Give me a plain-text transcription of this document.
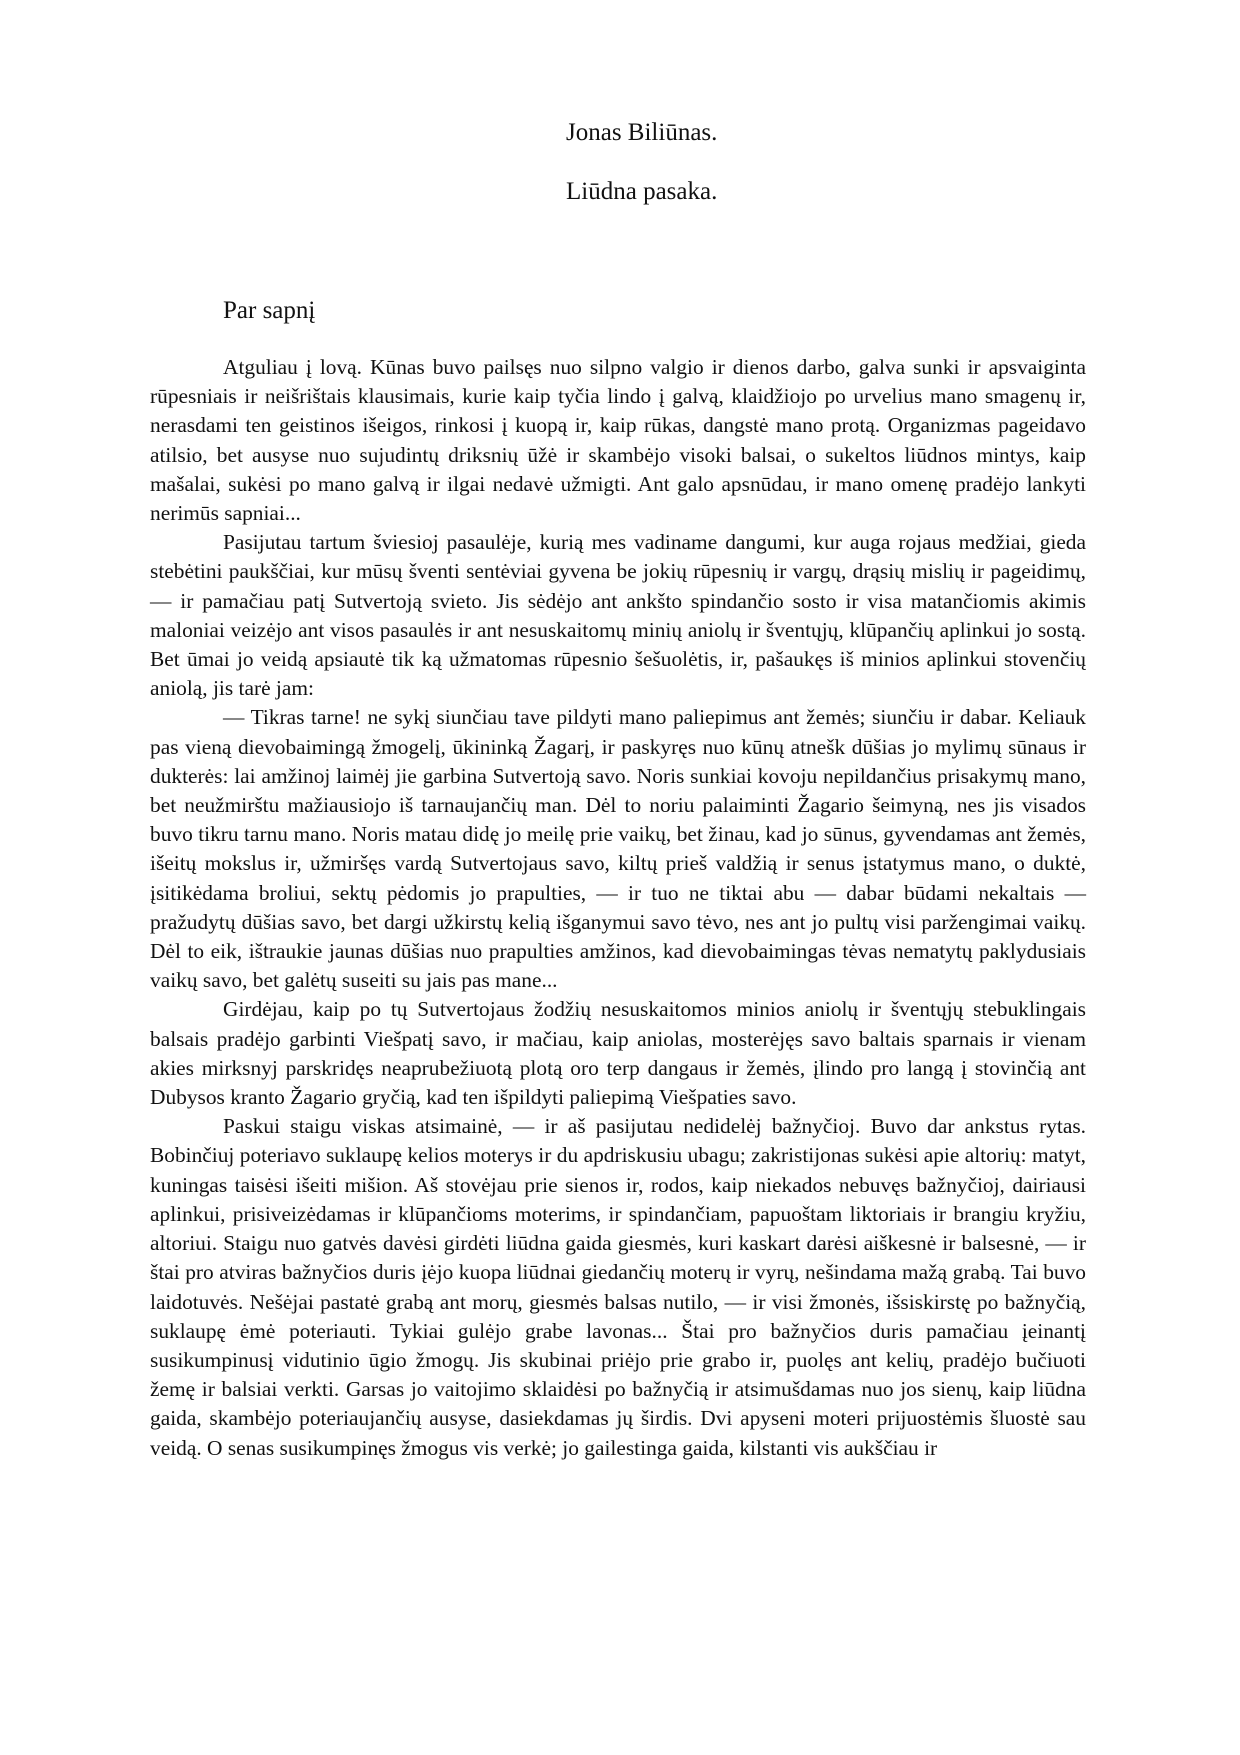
Jonas Biliūnas.
Liūdna pasaka.
Par sapnį

Atguliau į lovą. Kūnas buvo pailsęs nuo silpno valgio ir dienos darbo, galva sunki ir apsvaiginta rūpesniais ir neišrištais klausimais, kurie kaip tyčia lindo į galvą, klaidžiojo po urvelius mano smagenų ir, nerasdami ten geistinos išeigos, rinkosi į kuopą ir, kaip rūkas, dangstė mano protą. Organizmas pageidavo atilsio, bet ausyse nuo sujudintų driksnių ūžė ir skambėjo visoki balsai, o sukeltos liūdnos mintys, kaip mašalai, sukėsi po mano galvą ir ilgai nedavė užmigti. Ant galo apsnūdau, ir mano omenę pradėjo lankyti nerimūs sapniai...

Pasijutau tartum šviesioj pasaulėje, kurią mes vadiname dangumi, kur auga rojaus medžiai, gieda stebėtini paukščiai, kur mūsų šventi sentėviai gyvena be jokių rūpesnių ir vargų, drąsių mislių ir pageidimų, — ir pamačiau patį Sutvertoją svieto. Jis sėdėjo ant ankšto spindančio sosto ir visa matančiomis akimis maloniai veizėjo ant visos pasaulės ir ant nesuskaitomų minių aniolų ir šventųjų, klūpančių aplinkui jo sostą. Bet ūmai jo veidą apsiautė tik ką užmatomas rūpesnio šešuolėtis, ir, pašaukęs iš minios aplinkui stovenčių aniolą, jis tarė jam:

— Tikras tarne! ne sykį siunčiau tave pildyti mano paliepimus ant žemės; siunčiu ir dabar. Keliauk pas vieną dievobaimingą žmogelį, ūkininką Žagarį, ir paskyręs nuo kūnų atnešk dūšias jo mylimų sūnaus ir dukterės: lai amžinoj laimėj jie garbina Sutvertoją savo. Noris sunkiai kovoju nepildančius prisakymų mano, bet neužmirštu mažiausiojo iš tarnaujančių man. Dėl to noriu palaiminti Žagario šeimyną, nes jis visados buvo tikru tarnu mano. Noris matau didę jo meilę prie vaikų, bet žinau, kad jo sūnus, gyvendamas ant žemės, išeitų mokslus ir, užmiršęs vardą Sutvertojaus savo, kiltų prieš valdžią ir senus įstatymus mano, o duktė, įsitikėdama broliui, sektų pėdomis jo prapulties, — ir tuo ne tiktai abu — dabar būdami nekaltais — pražudytų dūšias savo, bet dargi užkirstų kelią išganymui savo tėvo, nes ant jo pultų visi paržengimai vaikų. Dėl to eik, ištraukie jaunas dūšias nuo prapulties amžinos, kad dievobaimingas tėvas nematytų paklydusiais vaikų savo, bet galėtų suseiti su jais pas mane...

Girdėjau, kaip po tų Sutvertojaus žodžių nesuskaitomos minios aniolų ir šventųjų stebuklingais balsais pradėjo garbinti Viešpatį savo, ir mačiau, kaip aniolas, mosterėjęs savo baltais sparnais ir vienam akies mirksnyj parskridęs neaprubežiuotą plotą oro terp dangaus ir žemės, įlindo pro langą į stovinčią ant Dubysos kranto Žagario gryčią, kad ten išpildyti paliepimą Viešpaties savo.

Paskui staigu viskas atsimainė, — ir aš pasijutau nedidelėj bažnyčioj. Buvo dar ankstus rytas. Bobinčiuj poteriavo suklaupę kelios moterys ir du apdriskusiu ubagu; zakristijonas sukėsi apie altorių: matyt, kuningas taisėsi išeiti mišion. Aš stovėjau prie sienos ir, rodos, kaip niekados nebuvęs bažnyčioj, dairiausi aplinkui, prisiveizėdamas ir klūpančioms moterims, ir spindančiam, papuoštam liktoriais ir brangiu kryžiu, altoriui. Staigu nuo gatvės davėsi girdėti liūdna gaida giesmės, kuri kaskart darėsi aiškesnė ir balsesnė, — ir štai pro atviras bažnyčios duris įėjo kuopa liūdnai giedančių moterų ir vyrų, nešindama mažą grabą. Tai buvo laidotuvės. Nešėjai pastatė grabą ant morų, giesmės balsas nutilo, — ir visi žmonės, išsiskirstę po bažnyčią, suklaupę ėmė poteriauti. Tykiai gulėjo grabe lavonas... Štai pro bažnyčios duris pamačiau įeinantį susikumpinusį vidutinio ūgio žmogų. Jis skubinai priėjo prie grabo ir, puolęs ant kelių, pradėjo bučiuoti žemę ir balsiai verkti. Garsas jo vaitojimo sklaidėsi po bažnyčią ir atsimušdamas nuo jos sienų, kaip liūdna gaida, skambėjo poteriaujančių ausyse, dasiekdamas jų širdis. Dvi apyseni moteri prijuostėmis šluostė sau veidą. O senas susikumpinęs žmogus vis verkė; jo gailestinga gaida, kilstanti vis aukščiau ir
